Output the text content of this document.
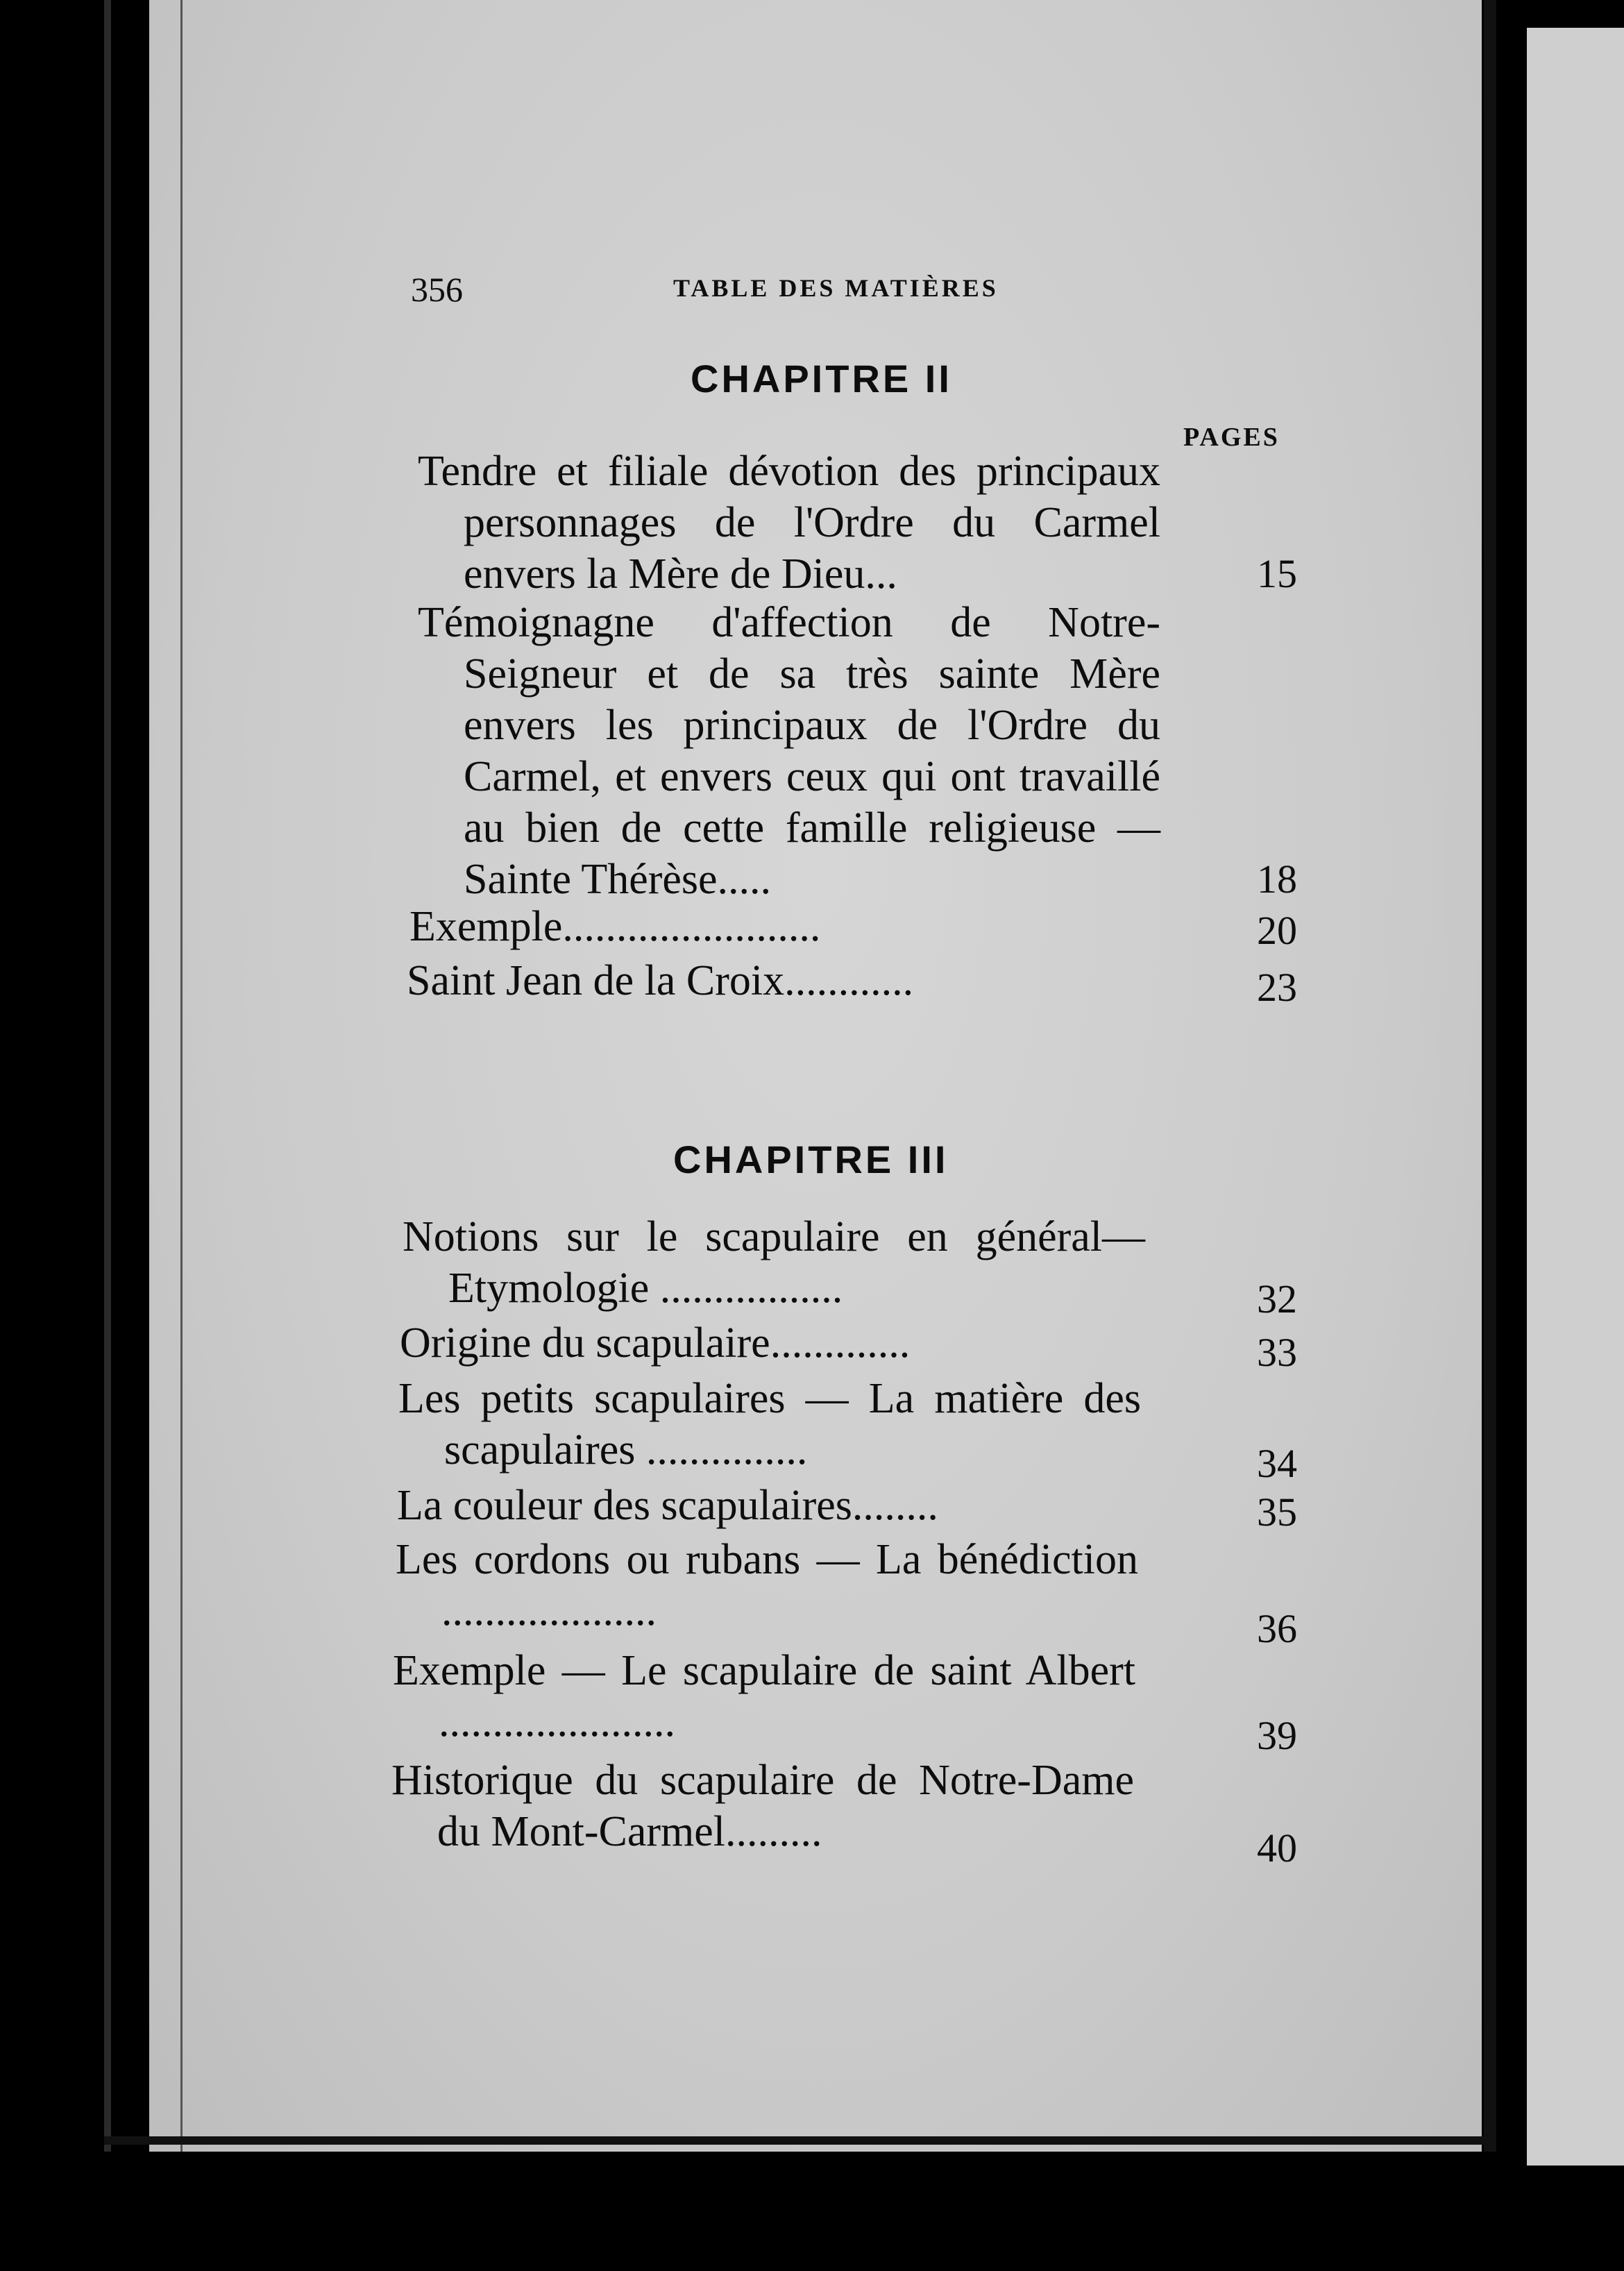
356	TABLE DES MATIÈRES
CHAPITRE II
PAGES
Tendre et filiale dévotion des principaux personnages de l'Ordre du Carmel envers la Mère de Dieu...	15
Témoignagne d'affection de Notre-Seigneur et de sa très sainte Mère envers les principaux de l'Ordre du Carmel, et envers ceux qui ont travaillé au bien de cette famille religieuse — Sainte Thérèse.....	18
Exemple........................	20
Saint Jean de la Croix............	23
CHAPITRE III
Notions sur le scapulaire en général— Etymologie .................	32
Origine du scapulaire.............	33
Les petits scapulaires — La matière des scapulaires ...............	34
La couleur des scapulaires........	35
Les cordons ou rubans — La bénédiction ....................	36
Exemple — Le scapulaire de saint Albert ......................	39
Historique du scapulaire de Notre-Dame du Mont-Carmel.........	40
